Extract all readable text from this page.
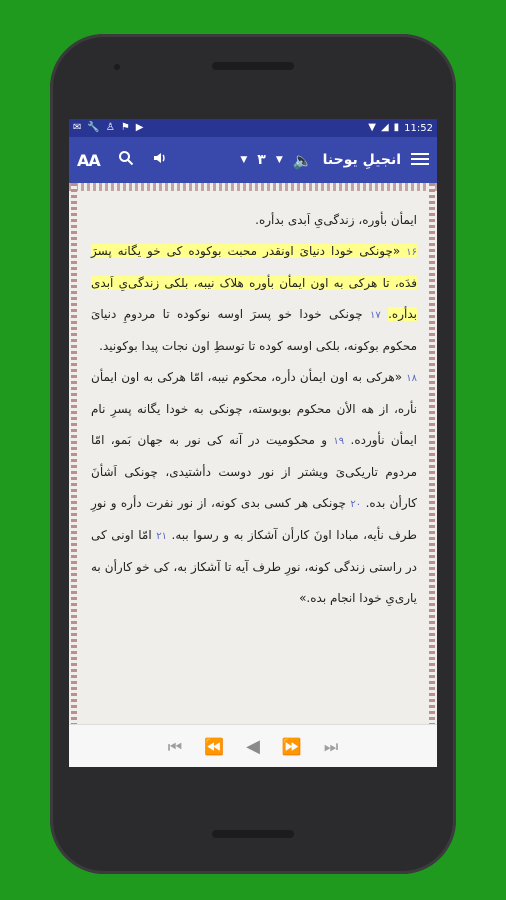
✉ 🔧 ♙ ⚑ ▶	▼ ◢ ▮ 11:52
AA	▼ ۳ ▼ 🔈 انجیلِ یوحنا
ایمأن بأوره، زندگی‌یِ اَبدی بدأره.
۱۶ «چونکی خودا دنیایَ اونقدر محبت بوکوده کی خو یگانه پسرَ فدَه، تا هرکی به اون ایمأن بأوره هلاک نیبه، بلکی زندگی‌یِ اَبدی بدأره. ۱۷ چونکی خودا خو پسرَ اوسه نوکوده تا مردومِ دنیایَ محکوم بوکونه، بلکی اوسه کوده تا توسطِ اون نجات پیدا بوکونید.
۱۸ «هرکی به اون ایمأن دأره، محکوم نیبه، امّا هرکی به اون ایمأن نأره، از هه الأن محکوم بوبوسته، چونکی به خودا یگانه پسرِ نام ایمأن نأورده. ۱۹ و محکومیت در آنه کی نور به جهان بَمو، امّا مردوم تاریکی‌یَ ویشتر از نور دوست دأشتیدی، چونکی اَشأنَ کارأن بده. ۲۰ چونکی هر کسی بدی کونه، از نور نفرت دأره و نورِ طرف نأیه، مبادا اونَ کارأن آشکاز به و رسوا ببه. ۲۱ امّا اونی کی در راستی زندگی کونه، نورِ طرف آیه تا آشکاز به، کی خو کارأن به یاری‌یِ خودا انجام بده.»
⏮ ⏪ ◀ ⏩ ⏭
